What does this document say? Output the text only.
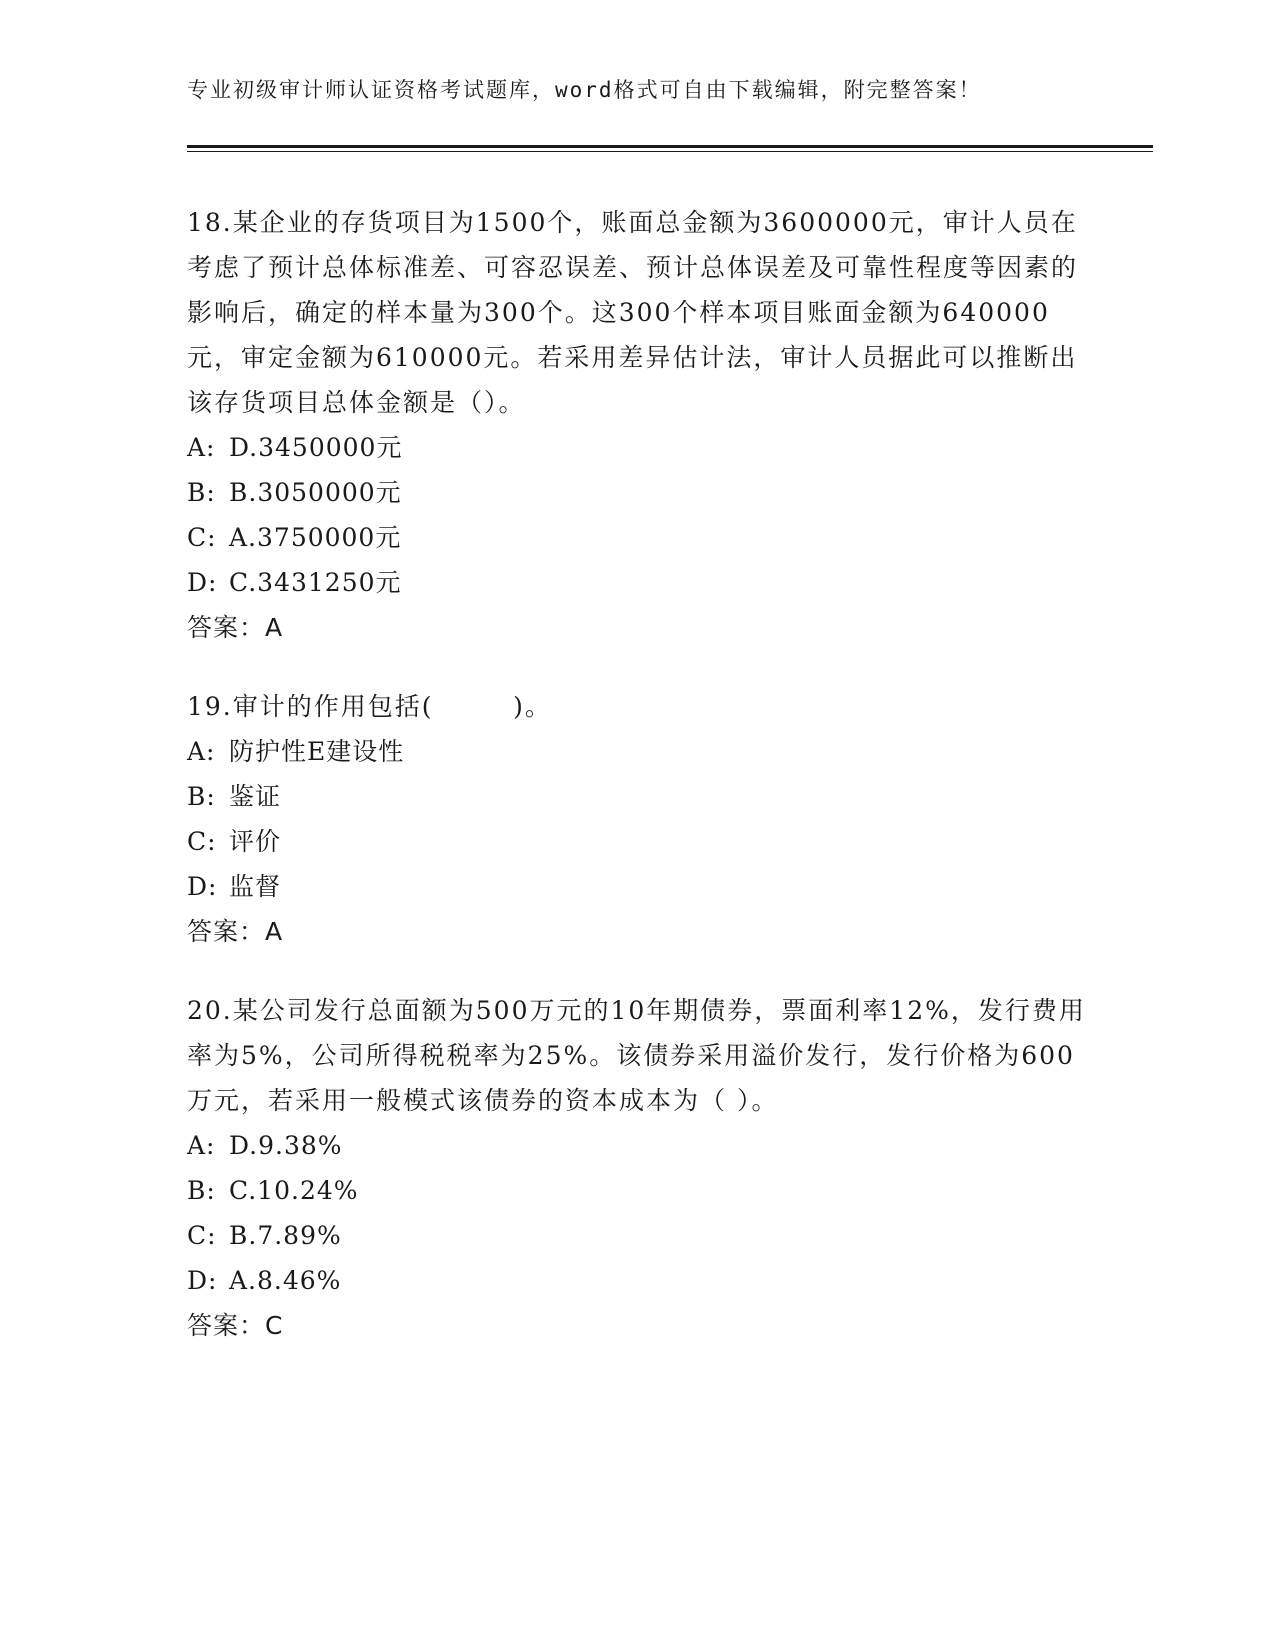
专业初级审计师认证资格考试题库，word格式可自由下载编辑，附完整答案！
18.某企业的存货项目为1500个，账面总金额为3600000元，审计人员在考虑了预计总体标准差、可容忍误差、预计总体误差及可靠性程度等因素的影响后，确定的样本量为300个。这300个样本项目账面金额为640000元，审定金额为610000元。若采用差异估计法，审计人员据此可以推断出该存货项目总体金额是（）。
A: D.3450000元
B: B.3050000元
C: A.3750000元
D: C.3431250元
答案：A
19.审计的作用包括(        )。
A: 防护性E建设性
B: 鉴证
C: 评价
D: 监督
答案：A
20.某公司发行总面额为500万元的10年期债券，票面利率12%，发行费用率为5%，公司所得税税率为25%。该债券采用溢价发行，发行价格为600万元，若采用一般模式该债券的资本成本为（ ）。
A: D.9.38%
B: C.10.24%
C: B.7.89%
D: A.8.46%
答案：C
